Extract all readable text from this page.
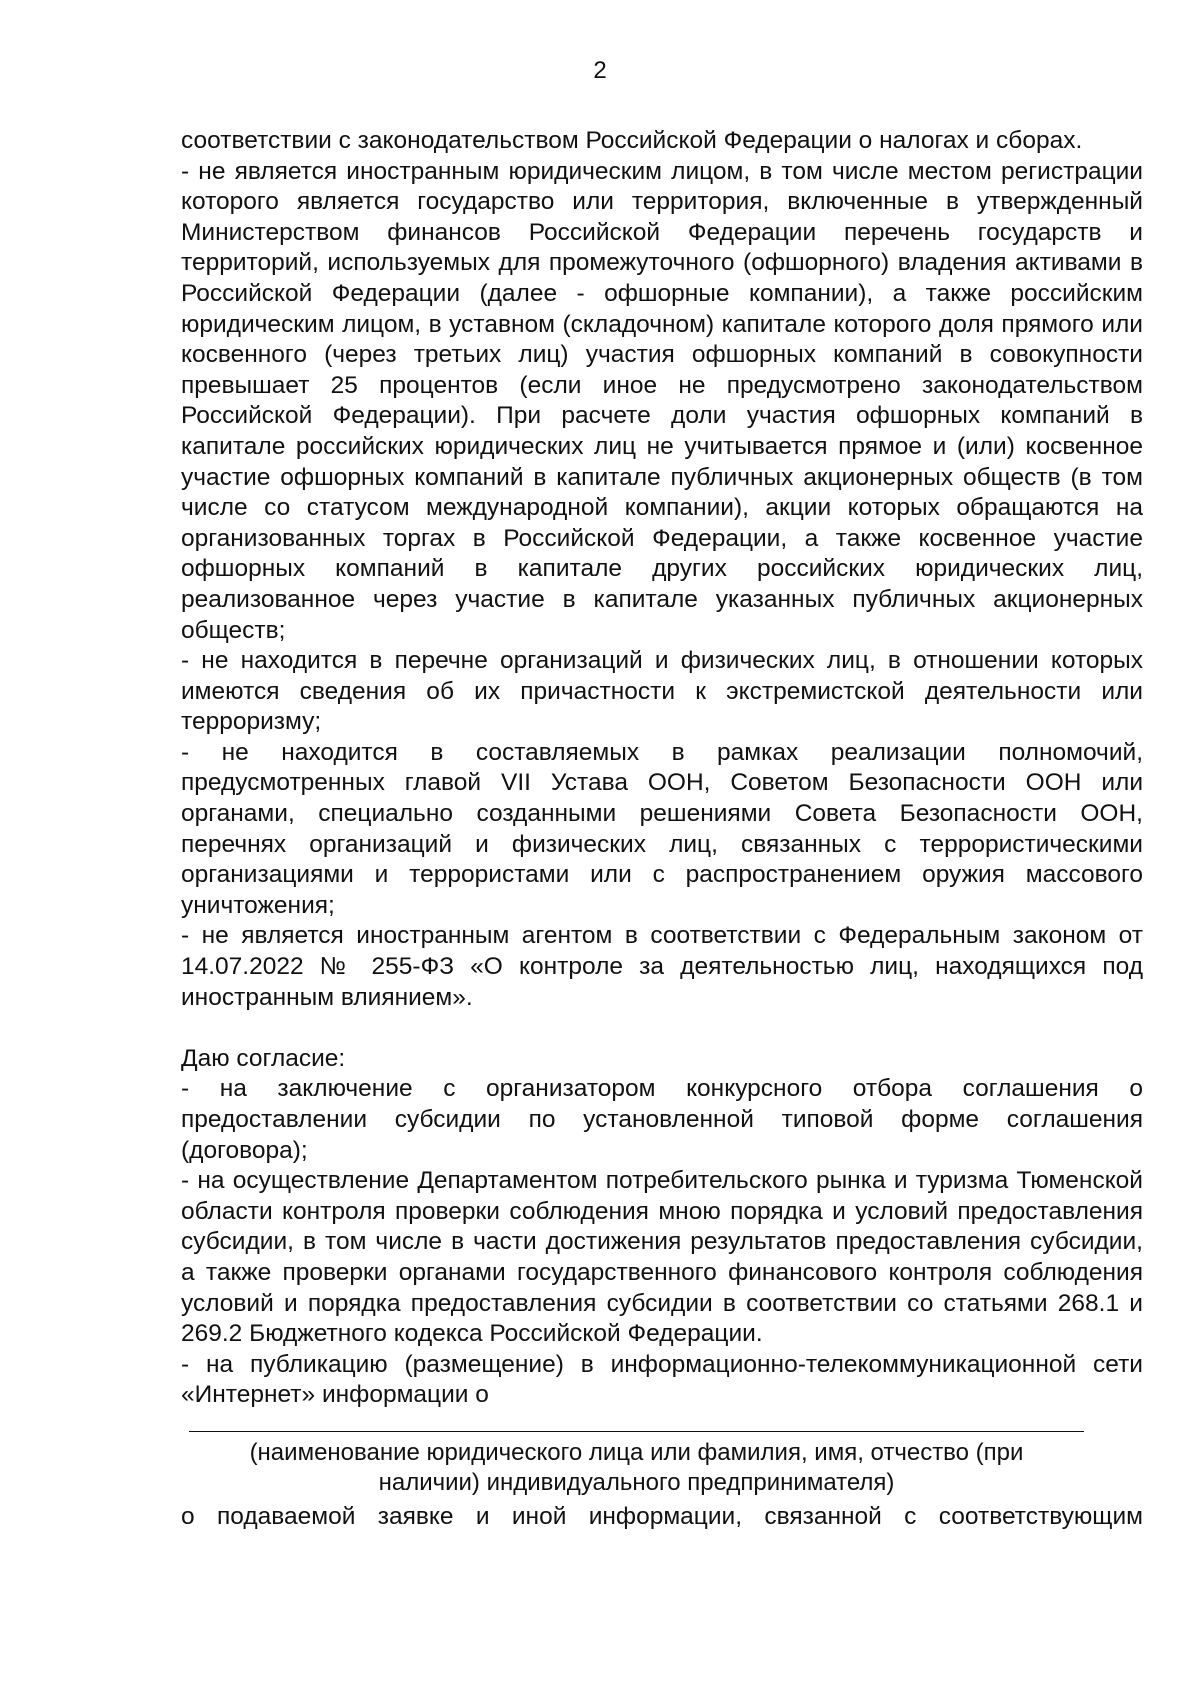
2

соответствии с законодательством Российской Федерации о налогах и сборах.

- не является иностранным юридическим лицом, в том числе местом регистрации которого является государство или территория, включенные в утвержденный Министерством финансов Российской Федерации перечень государств и территорий, используемых для промежуточного (офшорного) владения активами в Российской Федерации (далее - офшорные компании), а также российским юридическим лицом, в уставном (складочном) капитале которого доля прямого или косвенного (через третьих лиц) участия офшорных компаний в совокупности превышает 25 процентов (если иное не предусмотрено законодательством Российской Федерации). При расчете доли участия офшорных компаний в капитале российских юридических лиц не учитывается прямое и (или) косвенное участие офшорных компаний в капитале публичных акционерных обществ (в том числе со статусом международной компании), акции которых обращаются на организованных торгах в Российской Федерации, а также косвенное участие офшорных компаний в капитале других российских юридических лиц, реализованное через участие в капитале указанных публичных акционерных обществ;

- не находится в перечне организаций и физических лиц, в отношении которых имеются сведения об их причастности к экстремистской деятельности или терроризму;

- не находится в составляемых в рамках реализации полномочий, предусмотренных главой VII Устава ООН, Советом Безопасности ООН или органами, специально созданными решениями Совета Безопасности ООН, перечнях организаций и физических лиц, связанных с террористическими организациями и террористами или с распространением оружия массового уничтожения;

- не является иностранным агентом в соответствии с Федеральным законом от 14.07.2022 № 255-ФЗ «О контроле за деятельностью лиц, находящихся под иностранным влиянием».

Даю согласие:

- на заключение с организатором конкурсного отбора соглашения о предоставлении субсидии по установленной типовой форме соглашения (договора);

- на осуществление Департаментом потребительского рынка и туризма Тюменской области контроля проверки соблюдения мною порядка и условий предоставления субсидии, в том числе в части достижения результатов предоставления субсидии, а также проверки органами государственного финансового контроля соблюдения условий и порядка предоставления субсидии в соответствии со статьями 268.1 и 269.2 Бюджетного кодекса Российской Федерации.

- на публикацию (размещение) в информационно-телекоммуникационной сети «Интернет» информации о

(наименование юридического лица или фамилия, имя, отчество (при
наличии) индивидуального предпринимателя)

о подаваемой заявке и иной информации, связанной с соответствующим
